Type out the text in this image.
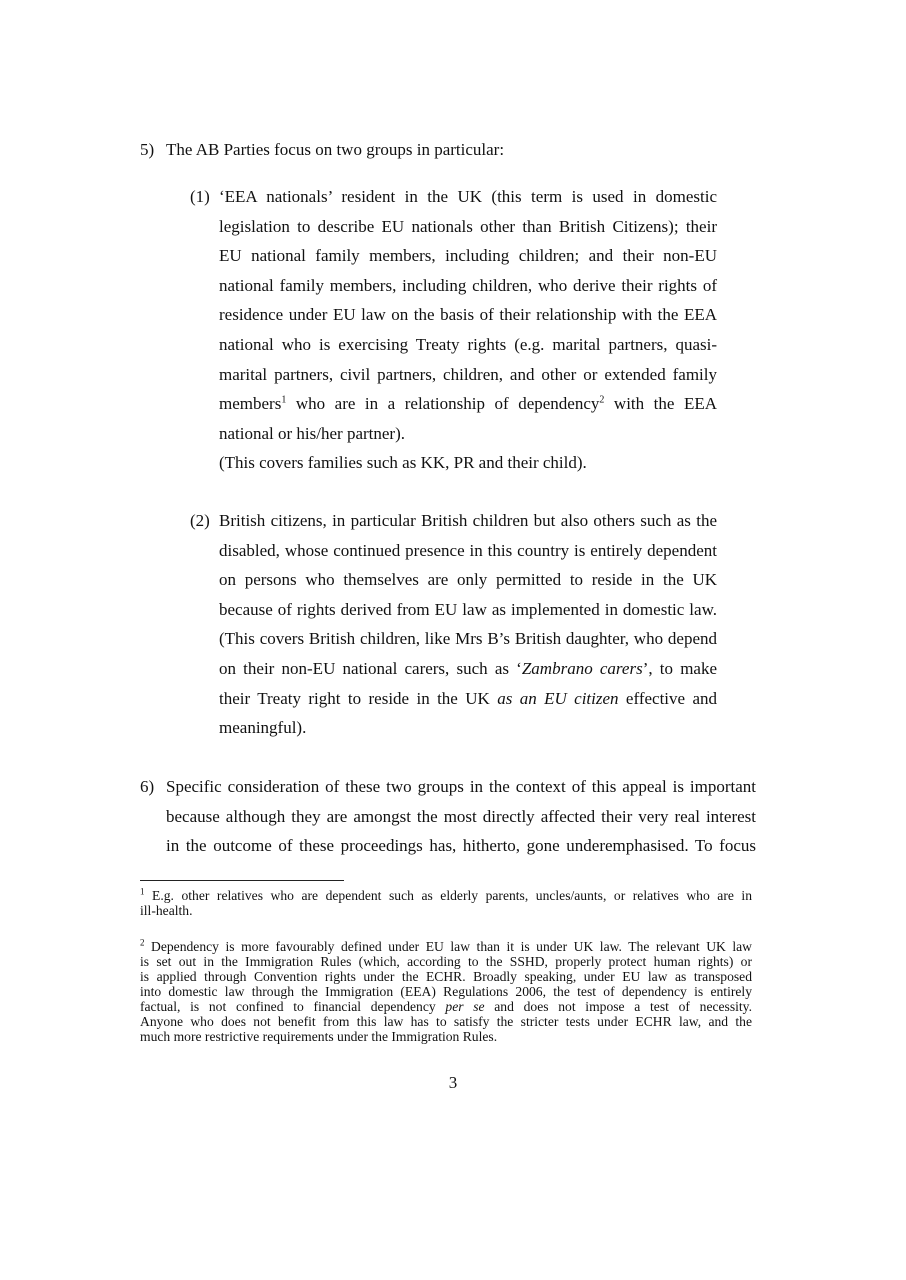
5) The AB Parties focus on two groups in particular:
(1) ‘EEA nationals’ resident in the UK (this term is used in domestic
legislation to describe EU nationals other than British Citizens); their
EU national family members, including children; and their non-EU
national family members, including children, who derive their rights of
residence under EU law on the basis of their relationship with the EEA
national who is exercising Treaty rights (e.g. marital partners, quasi-
marital partners, civil partners, children, and other or extended family
members$^1$ who are in a relationship of dependency$^2$ with the EEA
national or his/her partner).
(This covers families such as KK, PR and their child).
(2) British citizens, in particular British children but also others such as the
disabled, whose continued presence in this country is entirely dependent
on persons who themselves are only permitted to reside in the UK
because of rights derived from EU law as implemented in domestic law.
(This covers British children, like Mrs B’s British daughter, who depend
on their non-EU national carers, such as ‘Zambrano carers’, to make
their Treaty right to reside in the UK as an EU citizen effective and
meaningful).
6) Specific consideration of these two groups in the context of this appeal is important
because although they are amongst the most directly affected their very real interest
in the outcome of these proceedings has, hitherto, gone underemphasised. To focus
$^1$ E.g. other relatives who are dependent such as elderly parents, uncles/aunts, or relatives who are in
ill-health.
$^2$ Dependency is more favourably defined under EU law than it is under UK law. The relevant UK law
is set out in the Immigration Rules (which, according to the SSHD, properly protect human rights) or
is applied through Convention rights under the ECHR. Broadly speaking, under EU law as transposed
into domestic law through the Immigration (EEA) Regulations 2006, the test of dependency is entirely
factual, is not confined to financial dependency per se and does not impose a test of necessity.
Anyone who does not benefit from this law has to satisfy the stricter tests under ECHR law, and the
much more restrictive requirements under the Immigration Rules.
3
